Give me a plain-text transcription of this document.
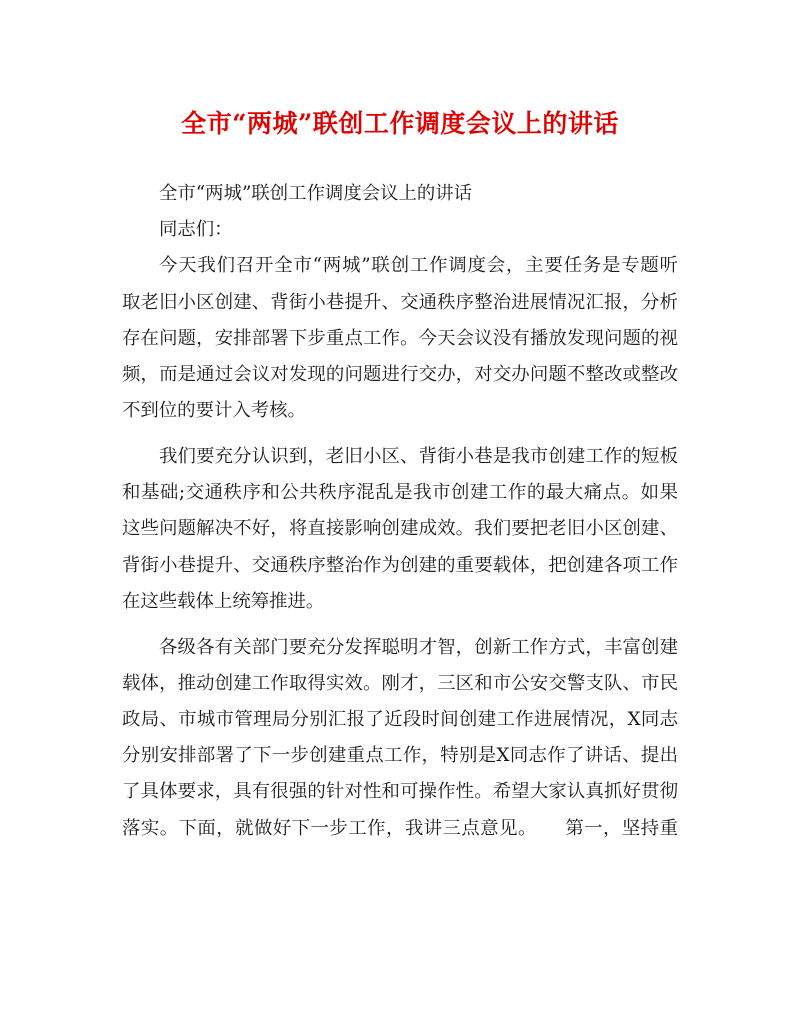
全市“两城”联创工作调度会议上的讲话

全市“两城”联创工作调度会议上的讲话

同志们：

今天我们召开全市“两城”联创工作调度会，主要任务是专题听

取老旧小区创建、背街小巷提升、交通秩序整治进展情况汇报，分析

存在问题，安排部署下步重点工作。今天会议没有播放发现问题的视

频，而是通过会议对发现的问题进行交办，对交办问题不整改或整改

不到位的要计入考核。

我们要充分认识到，老旧小区、背街小巷是我市创建工作的短板

和基础;交通秩序和公共秩序混乱是我市创建工作的最大痛点。如果

这些问题解决不好，将直接影响创建成效。我们要把老旧小区创建、

背街小巷提升、交通秩序整治作为创建的重要载体，把创建各项工作

在这些载体上统筹推进。

各级各有关部门要充分发挥聪明才智，创新工作方式，丰富创建

载体，推动创建工作取得实效。刚才，三区和市公安交警支队、市民

政局、市城市管理局分别汇报了近段时间创建工作进展情况，X同志

分别安排部署了下一步创建重点工作，特别是X同志作了讲话、提出

了具体要求，具有很强的针对性和可操作性。希望大家认真抓好贯彻

落实。下面，就做好下一步工作，我讲三点意见。　　第一，坚持重
